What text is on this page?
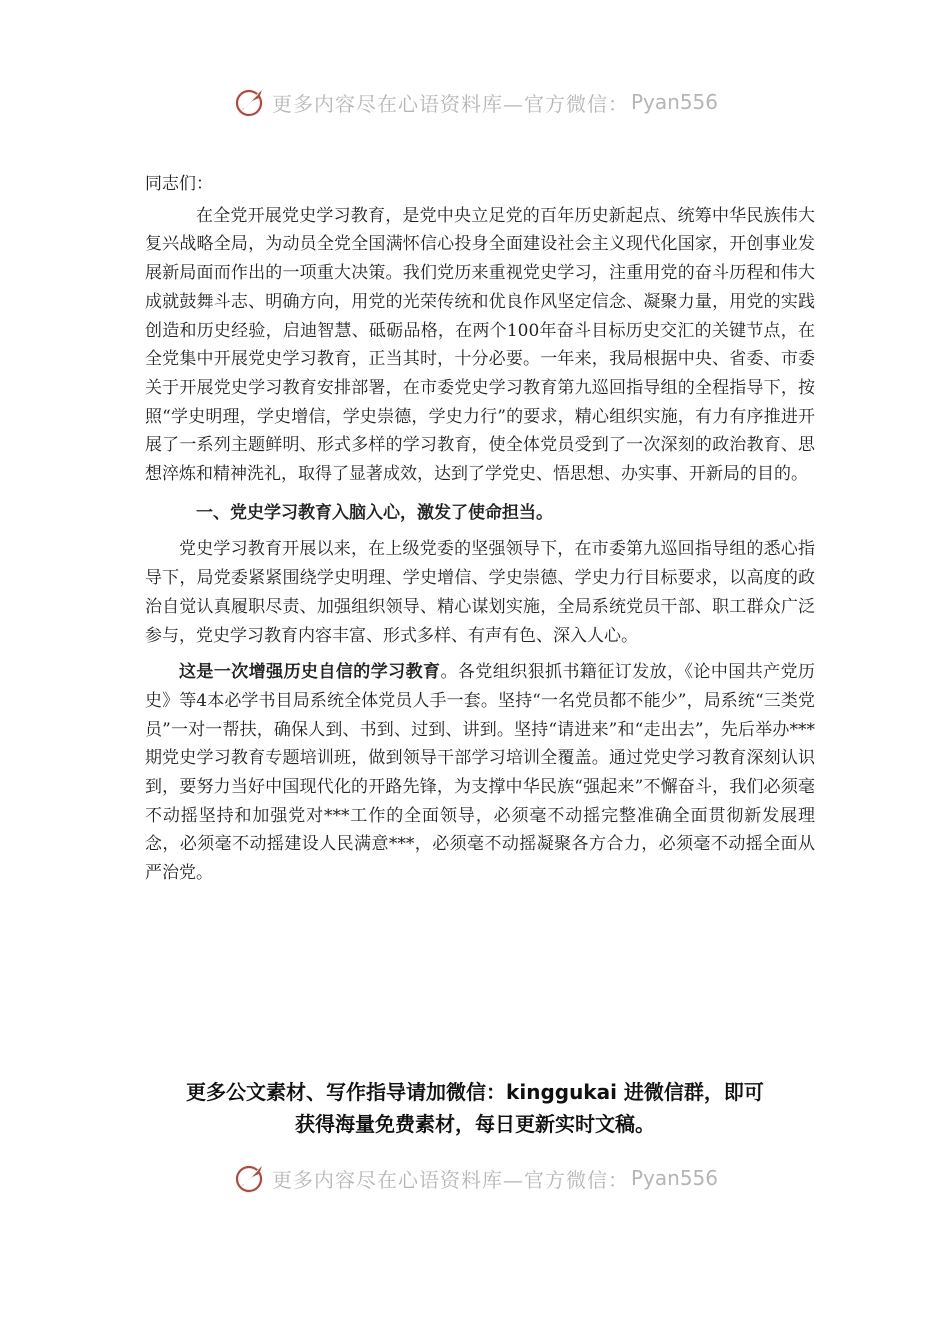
更多内容尽在心语资料库—官方微信： Pyan556

同志们：

在全党开展党史学习教育，是党中央立足党的百年历史新起点、统筹中华民族伟大复兴战略全局，为动员全党全国满怀信心投身全面建设社会主义现代化国家，开创事业发展新局面而作出的一项重大决策。我们党历来重视党史学习，注重用党的奋斗历程和伟大成就鼓舞斗志、明确方向，用党的光荣传统和优良作风坚定信念、凝聚力量，用党的实践创造和历史经验，启迪智慧、砥砺品格，在两个100年奋斗目标历史交汇的关键节点，在全党集中开展党史学习教育，正当其时，十分必要。一年来，我局根据中央、省委、市委关于开展党史学习教育安排部署，在市委党史学习教育第九巡回指导组的全程指导下，按照“学史明理，学史增信，学史崇德，学史力行”的要求，精心组织实施，有力有序推进开展了一系列主题鲜明、形式多样的学习教育，使全体党员受到了一次深刻的政治教育、思想淬炼和精神洗礼，取得了显著成效，达到了学党史、悟思想、办实事、开新局的目的。

一、党史学习教育入脑入心，激发了使命担当。

党史学习教育开展以来，在上级党委的坚强领导下，在市委第九巡回指导组的悉心指导下，局党委紧紧围绕学史明理、学史增信、学史崇德、学史力行目标要求，以高度的政治自觉认真履职尽责、加强组织领导、精心谋划实施，全局系统党员干部、职工群众广泛参与，党史学习教育内容丰富、形式多样、有声有色、深入人心。

这是一次增强历史自信的学习教育。各党组织狠抓书籍征订发放，《论中国共产党历史》等4本必学书目局系统全体党员人手一套。坚持“一名党员都不能少”，局系统“三类党员”一对一帮扶，确保人到、书到、过到、讲到。坚持“请进来”和“走出去”，先后举办***期党史学习教育专题培训班，做到领导干部学习培训全覆盖。通过党史学习教育深刻认识到，要努力当好中国现代化的开路先锋，为支撑中华民族“强起来”不懈奋斗，我们必须毫不动摇坚持和加强党对***工作的全面领导，必须毫不动摇完整准确全面贯彻新发展理念，必须毫不动摇建设人民满意***，必须毫不动摇凝聚各方合力，必须毫不动摇全面从严治党。

更多公文素材、写作指导请加微信：kinggukai 进微信群，即可
获得海量免费素材，每日更新实时文稿。
更多内容尽在心语资料库—官方微信： Pyan556
